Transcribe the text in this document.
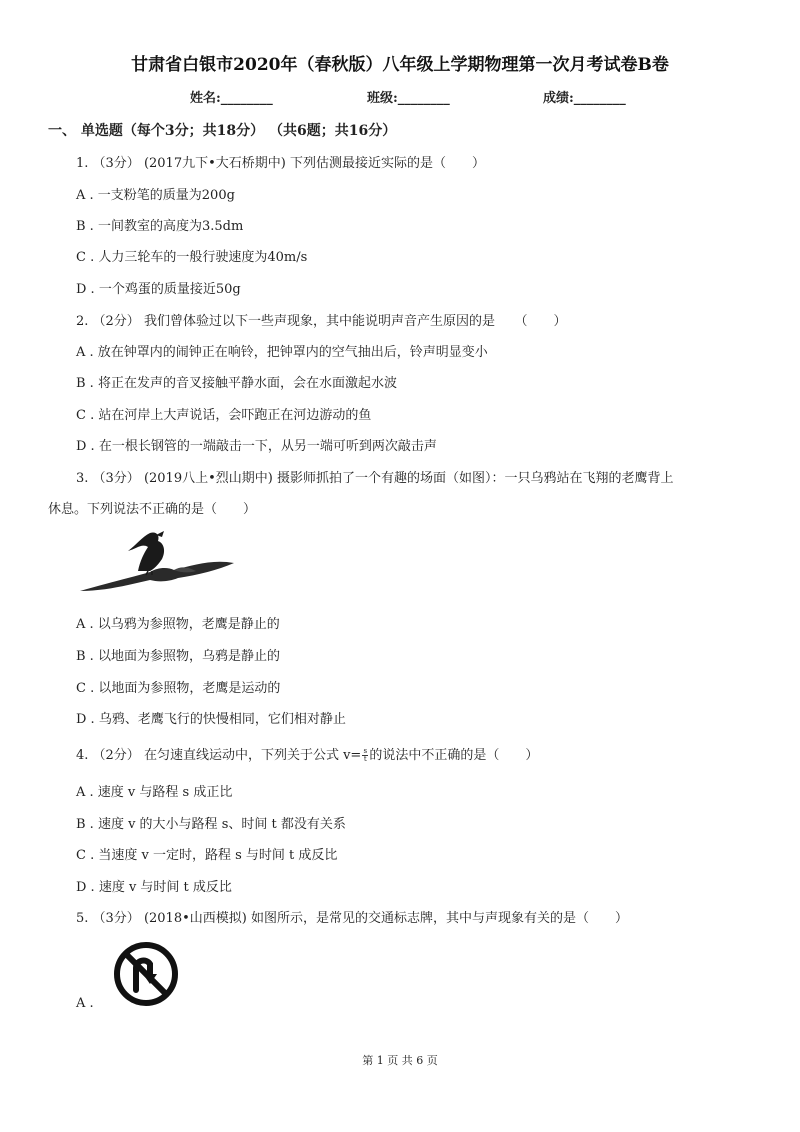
甘肃省白银市2020年（春秋版）八年级上学期物理第一次月考试卷B卷
姓名:________	班级:________	成绩:________
一、 单选题（每个3分；共18分） （共6题；共16分）
1. （3分） (2017九下•大石桥期中) 下列估测最接近实际的是（　　）
A . 一支粉笔的质量为200g
B . 一间教室的高度为3.5dm
C . 人力三轮车的一般行驶速度为40m/s
D . 一个鸡蛋的质量接近50g
2. （2分） 我们曾体验过以下一些声现象，其中能说明声音产生原因的是　　（　　）
A . 放在钟罩内的闹钟正在响铃，把钟罩内的空气抽出后，铃声明显变小
B . 将正在发声的音叉接触平静水面，会在水面激起水波
C . 站在河岸上大声说话，会吓跑正在河边游动的鱼
D . 在一根长钢管的一端敲击一下，从另一端可听到两次敲击声
3. （3分） (2019八上•烈山期中) 摄影师抓拍了一个有趣的场面（如图）：一只乌鸦站在飞翔的老鹰背上
休息。下列说法不正确的是（　　）
A . 以乌鸦为参照物，老鹰是静止的
B . 以地面为参照物，乌鸦是静止的
C . 以地面为参照物，老鹰是运动的
D . 乌鸦、老鹰飞行的快慢相同，它们相对静止
4. （2分） 在匀速直线运动中，下列关于公式 $v= \frac{s}{t}$ 的说法中不正确的是（　　）
A . 速度 v 与路程 s 成正比
B . 速度 v 的大小与路程 s、时间 t 都没有关系
C . 当速度 v 一定时，路程 s 与时间 t 成反比
D . 速度 v 与时间 t 成反比
5. （3分） (2018•山西模拟) 如图所示，是常见的交通标志牌，其中与声现象有关的是（　　）
A .
第 1 页 共 6 页
